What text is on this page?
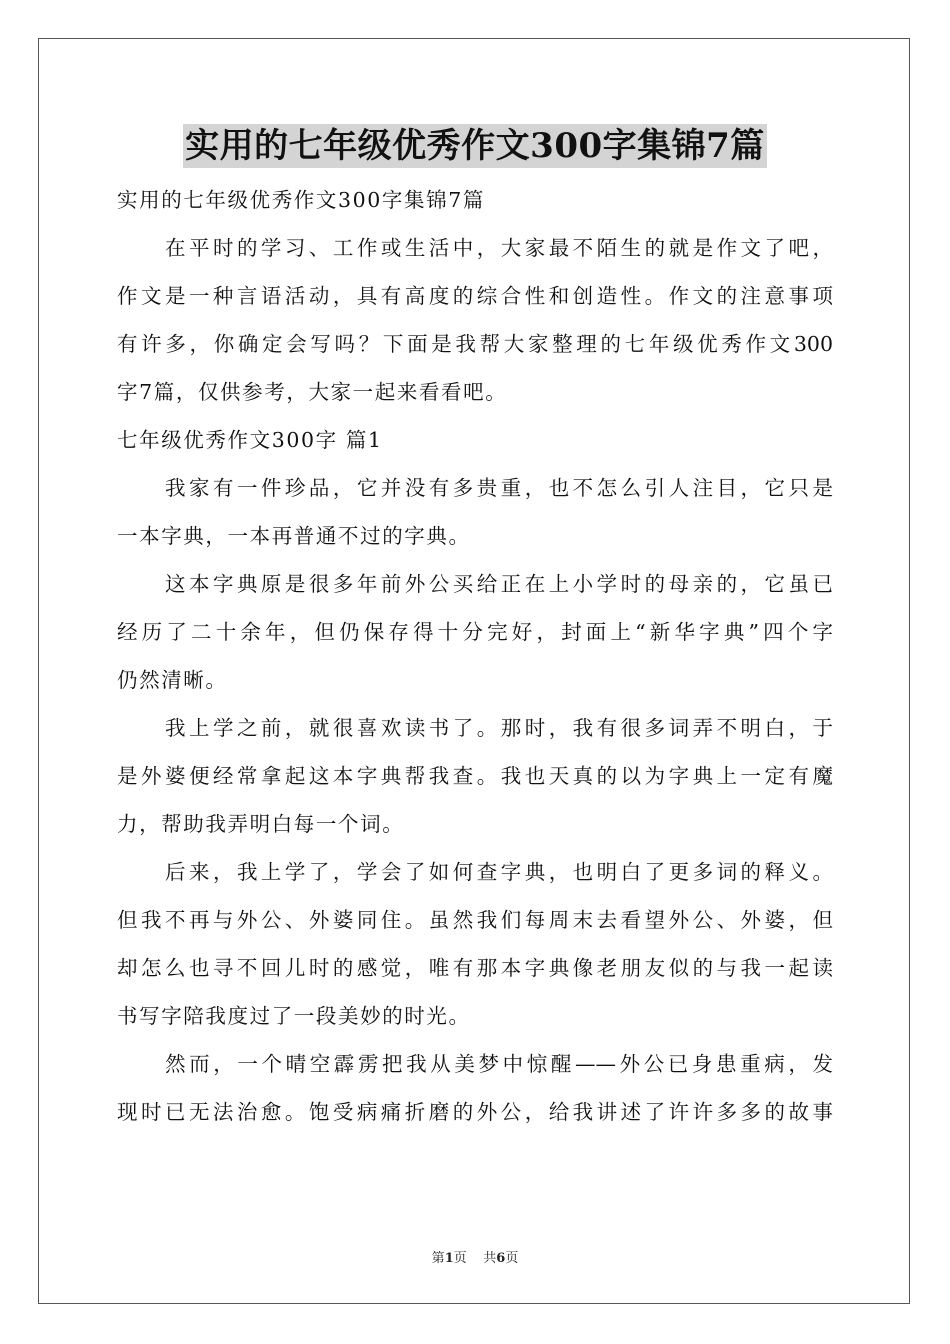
实用的七年级优秀作文300字集锦7篇
实用的七年级优秀作文300字集锦7篇
在平时的学习、工作或生活中，大家最不陌生的就是作文了吧，
作文是一种言语活动，具有高度的综合性和创造性。作文的注意事项
有许多，你确定会写吗？下面是我帮大家整理的七年级优秀作文300
字7篇，仅供参考，大家一起来看看吧。
七年级优秀作文300字 篇1
我家有一件珍品，它并没有多贵重，也不怎么引人注目，它只是
一本字典，一本再普通不过的字典。
这本字典原是很多年前外公买给正在上小学时的母亲的，它虽已
经历了二十余年，但仍保存得十分完好，封面上“新华字典”四个字
仍然清晰。
我上学之前，就很喜欢读书了。那时，我有很多词弄不明白，于
是外婆便经常拿起这本字典帮我查。我也天真的以为字典上一定有魔
力，帮助我弄明白每一个词。
后来，我上学了，学会了如何查字典，也明白了更多词的释义。
但我不再与外公、外婆同住。虽然我们每周末去看望外公、外婆，但
却怎么也寻不回儿时的感觉，唯有那本字典像老朋友似的与我一起读
书写字陪我度过了一段美妙的时光。
然而，一个晴空霹雳把我从美梦中惊醒——外公已身患重病，发
现时已无法治愈。饱受病痛折磨的外公，给我讲述了许许多多的故事
第1页    共6页
